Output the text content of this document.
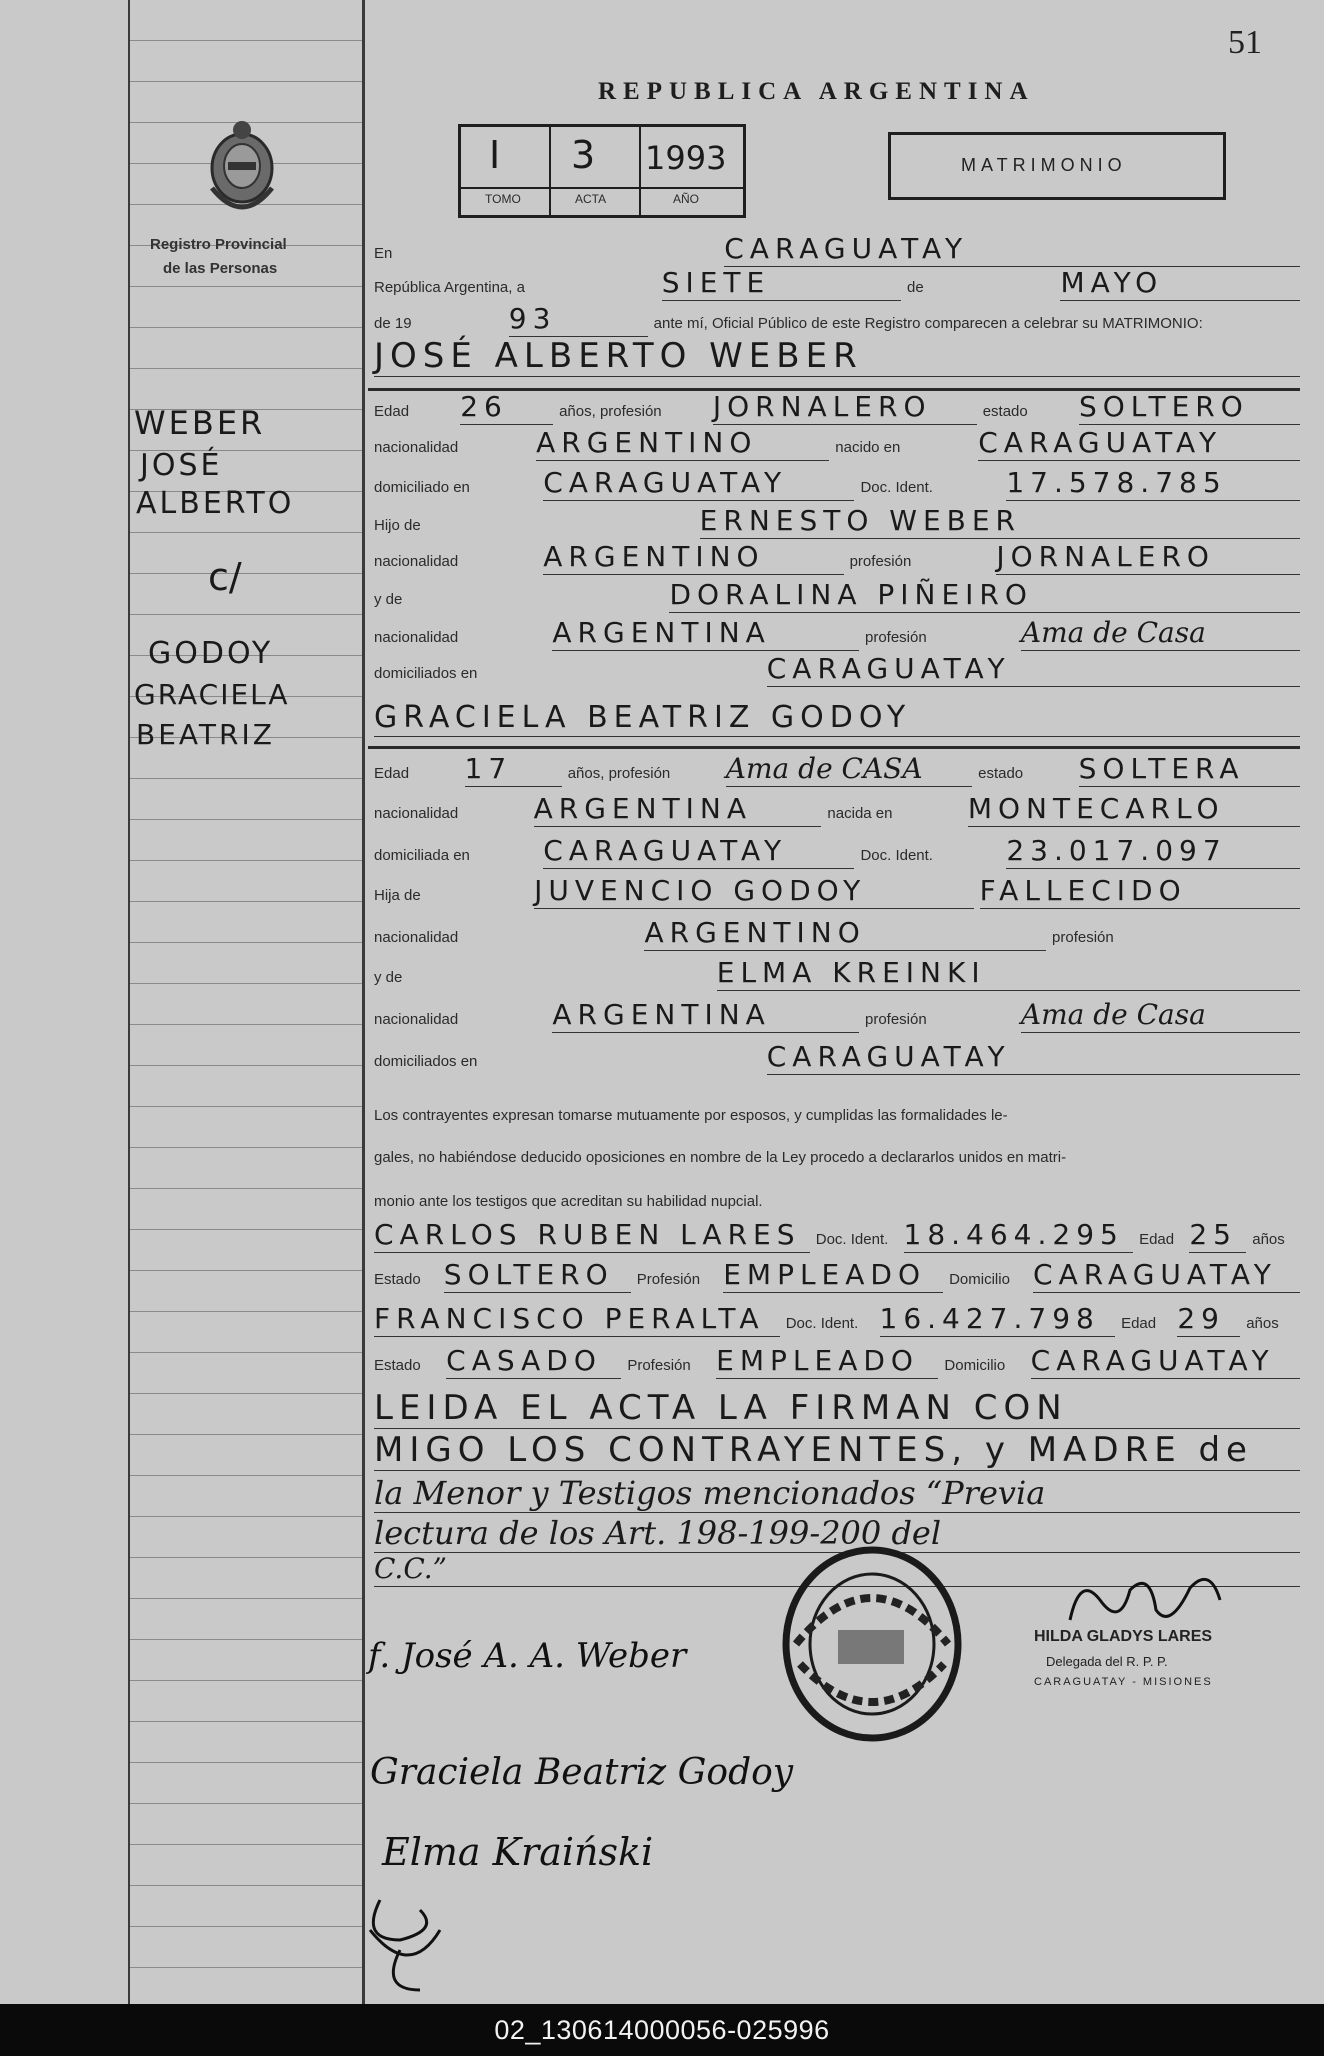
51
REPUBLICA ARGENTINA
Registro Provincial
de las Personas
I 3 1993
TOMO	ACTA	AÑO
MATRIMONIO
En	CARAGUATAY
República Argentina, a	SIETE	de	MAYO
de 19	93	ante mí, Oficial Público de este Registro comparecen a celebrar su MATRIMONIO:
JOSÉ ALBERTO WEBER
Edad 26	años, profesión JORNALERO	estado SOLTERO
nacionalidad	ARGENTINO	nacido en	CARAGUATAY
domiciliado en	CARAGUATAY	Doc. Ident.	17.578.785
Hijo de	ERNESTO WEBER
nacionalidad	ARGENTINO	profesión	JORNALERO
y de	DORALINA PIÑEIRO
nacionalidad	ARGENTINA	profesión	Ama de Casa
domiciliados en	CARAGUATAY
GRACIELA BEATRIZ GODOY
Edad 17	años, profesión Ama de CASA	estado SOLTERA
nacionalidad	ARGENTINA	nacida en	MONTECARLO
domiciliada en	CARAGUATAY	Doc. Ident.	23.017.097
Hija de	JUVENCIO GODOY	FALLECIDO
nacionalidad	ARGENTINO	profesión
y de	ELMA KREINKI
nacionalidad	ARGENTINA	profesión	Ama de Casa
domiciliados en	CARAGUATAY
Los contrayentes expresan tomarse mutuamente por esposos, y cumplidas las formalidades le-
gales, no habiéndose deducido oposiciones en nombre de la Ley procedo a declararlos unidos en matri-
monio ante los testigos que acreditan su habilidad nupcial.
CARLOS RUBEN LARES Doc. Ident. 18.464.295 Edad 25 años
Estado SOLTERO Profesión EMPLEADO Domicilio CARAGUATAY
FRANCISCO PERALTA Doc. Ident. 16.427.798 Edad 29 años
Estado CASADO Profesión EMPLEADO Domicilio CARAGUATAY
LEIDA EL ACTA LA FIRMAN CON
MIGO LOS CONTRAYENTES, y MADRE de
la Menor y Testigos mencionados “Previa
lectura de los Art. 198-199-200 del
C.C.”
WEBER
JOSÉ
ALBERTO
c/
GODOY
GRACIELA
BEATRIZ
HILDA GLADYS LARES
Delegada del R. P. P.
CARAGUATAY - MISIONES
f. José A. A. Weber
Graciela Beatriz Godoy
Elma Kraiński
02_130614000056-025996
